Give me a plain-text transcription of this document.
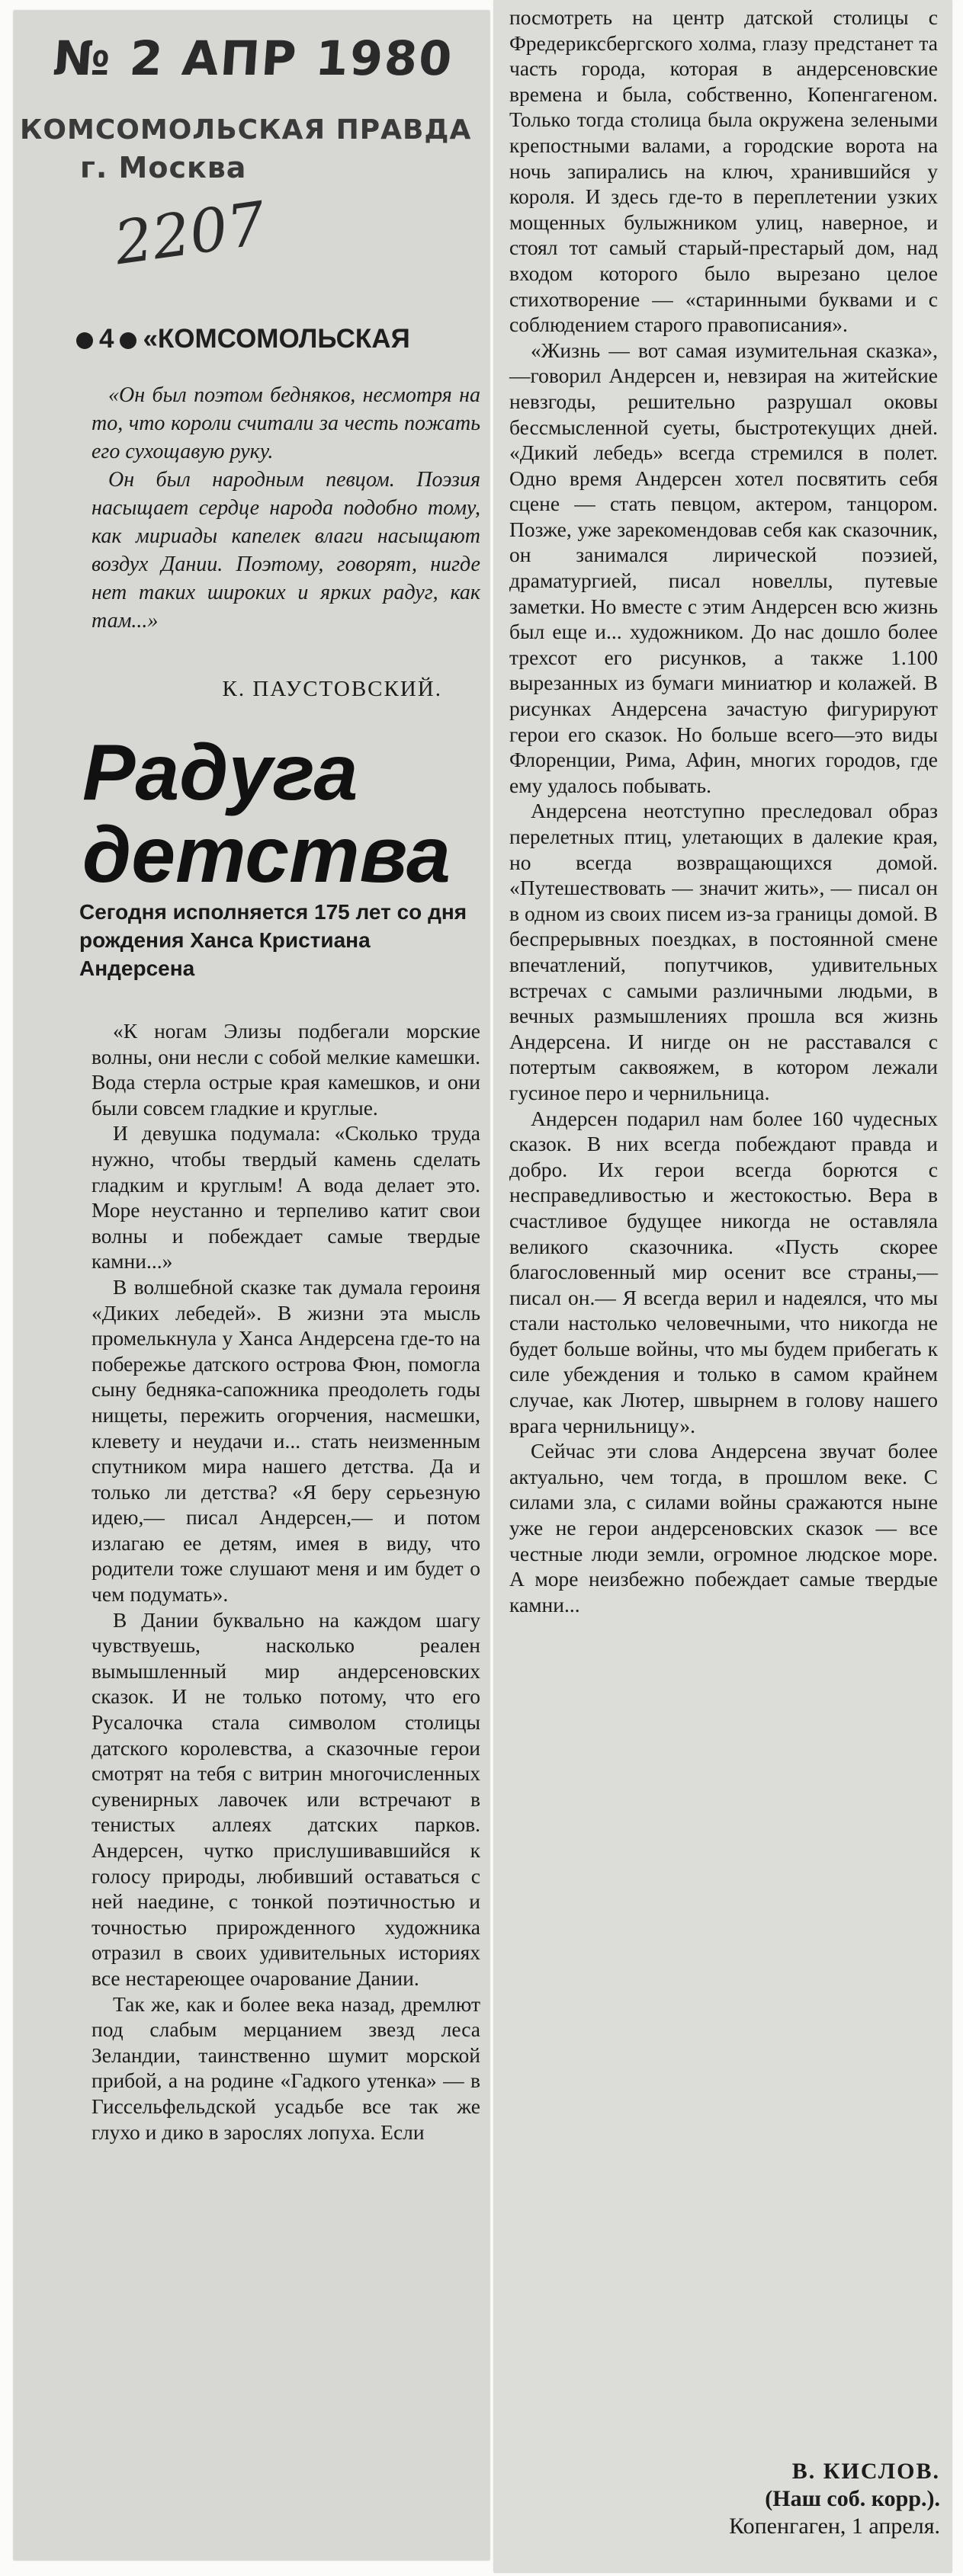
№ 2 АПР 1980
КОМСОМОЛЬСКАЯ ПРАВДА
г. Москва
2207
4 «КОМСОМОЛЬСКАЯ

«Он был поэтом бедняков, несмотря на то, что короли считали за честь пожать его сухощавую руку.

Он был народным певцом. Поэзия насыщает сердце народа подобно тому, как мириады капелек влаги насыщают воздух Дании. Поэтому, говорят, нигде нет таких широких и ярких радуг, как там...»

К. ПАУСТОВСКИЙ.
Радуга
детства
Сегодня исполняется 175 лет со дня рождения Ханса Кристиана Андерсена

«К ногам Элизы подбегали морские волны, они несли с собой мелкие камешки. Вода стерла острые края камешков, и они были совсем гладкие и круглые.

И девушка подумала: «Сколько труда нужно, чтобы твердый камень сделать гладким и круглым! А вода делает это. Море неустанно и терпеливо катит свои волны и побеждает самые твердые камни...»

В волшебной сказке так думала героиня «Диких лебедей». В жизни эта мысль промелькнула у Ханса Андерсена где-то на побережье датского острова Фюн, помогла сыну бедняка-сапожника преодолеть годы нищеты, пережить огорчения, насмешки, клевету и неудачи и... стать неизменным спутником мира нашего детства. Да и только ли детства? «Я беру серьезную идею,— писал Андерсен,— и потом излагаю ее детям, имея в виду, что родители тоже слушают меня и им будет о чем подумать».

В Дании буквально на каждом шагу чувствуешь, насколько реален вымышленный мир андерсеновских сказок. И не только потому, что его Русалочка стала символом столицы датского королевства, а сказочные герои смотрят на тебя с витрин многочисленных сувенирных лавочек или встречают в тенистых аллеях датских парков. Андерсен, чутко прислушивавшийся к голосу природы, любивший оставаться с ней наедине, с тонкой поэтичностью и точностью прирожденного художника отразил в своих удивительных историях все нестареющее очарование Дании.

Так же, как и более века назад, дремлют под слабым мерцанием звезд леса Зеландии, таинственно шумит морской прибой, а на родине «Гадкого утенка» — в Гиссельфельдской усадьбе все так же глухо и дико в зарослях лопуха. Если

посмотреть на центр датской столицы с Фредериксбергского холма, глазу предстанет та часть города, которая в андерсеновские времена и была, собственно, Копенгагеном. Только тогда столица была окружена зелеными крепостными валами, а городские ворота на ночь запирались на ключ, хранившийся у короля. И здесь где-то в переплетении узких мощенных булыжником улиц, наверное, и стоял тот самый старый-престарый дом, над входом которого было вырезано целое стихотворение — «старинными буквами и с соблюдением старого правописания».

«Жизнь — вот самая изумительная сказка»,—говорил Андерсен и, невзирая на житейские невзгоды, решительно разрушал оковы бессмысленной суеты, быстротекущих дней. «Дикий лебедь» всегда стремился в полет. Одно время Андерсен хотел посвятить себя сцене — стать певцом, актером, танцором. Позже, уже зарекомендовав себя как сказочник, он занимался лирической поэзией, драматургией, писал новеллы, путевые заметки. Но вместе с этим Андерсен всю жизнь был еще и... художником. До нас дошло более трехсот его рисунков, а также 1.100 вырезанных из бумаги миниатюр и колажей. В рисунках Андерсена зачастую фигурируют герои его сказок. Но больше всего—это виды Флоренции, Рима, Афин, многих городов, где ему удалось побывать.

Андерсена неотступно преследовал образ перелетных птиц, улетающих в далекие края, но всегда возвращающихся домой. «Путешествовать — значит жить», — писал он в одном из своих писем из-за границы домой. В беспрерывных поездках, в постоянной смене впечатлений, попутчиков, удивительных встречах с самыми различными людьми, в вечных размышлениях прошла вся жизнь Андерсена. И нигде он не расставался с потертым саквояжем, в котором лежали гусиное перо и чернильница.

Андерсен подарил нам более 160 чудесных сказок. В них всегда побеждают правда и добро. Их герои всегда борются с несправедливостью и жестокостью. Вера в счастливое будущее никогда не оставляла великого сказочника. «Пусть скорее благословенный мир осенит все страны,— писал он.— Я всегда верил и надеялся, что мы стали настолько человечными, что никогда не будет больше войны, что мы будем прибегать к силе убеждения и только в самом крайнем случае, как Лютер, швырнем в голову нашего врага чернильницу».

Сейчас эти слова Андерсена звучат более актуально, чем тогда, в прошлом веке. С силами зла, с силами войны сражаются ныне уже не герои андерсеновских сказок — все честные люди земли, огромное людское море. А море неизбежно побеждает самые твердые камни...

В. КИСЛОВ.
(Наш соб. корр.).
Копенгаген, 1 апреля.
